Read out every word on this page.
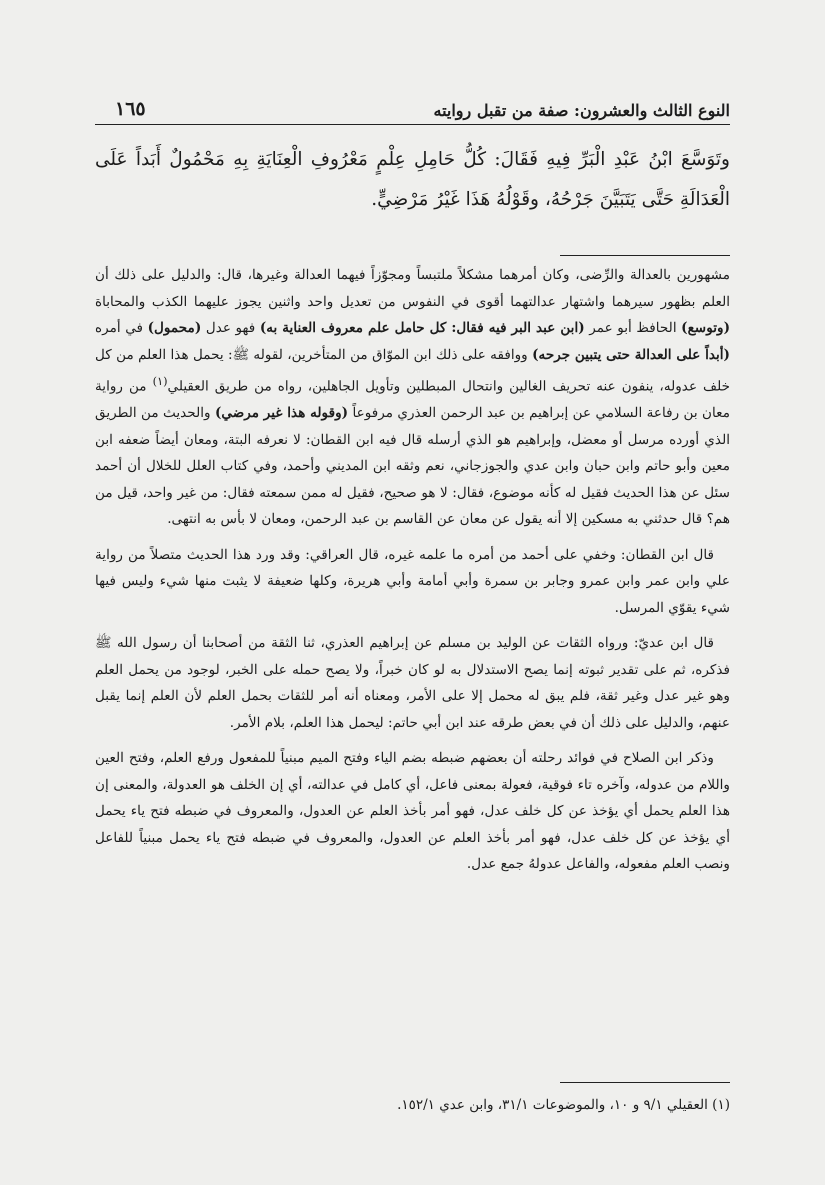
١٦٥	النوع الثالث والعشرون: صفة من تقبل روايته
وتَوَسَّعَ ابْنُ عَبْدِ الْبَرِّ فِيهِ فَقَالَ: كُلُّ حَامِلِ عِلْمٍ مَعْرُوفِ الْعِنَايَةِ بِهِ مَحْمُولٌ أَبَداً عَلَى الْعَدَالَةِ حَتَّى يَتَبَيَّنَ جَرْحُهُ، وقَوْلُهُ هَذَا غَيْرُ مَرْضِيٍّ.

مشهورين بالعدالة والرِّضى، وكان أمرهما مشكلاً ملتبساً ومجوّزاً فيهما العدالة وغيرها، قال: والدليل على ذلك أن العلم بظهور سيرهما واشتهار عدالتهما أقوى في النفوس من تعديل واحد واثنين يجوز عليهما الكذب والمحاباة (وتوسع) الحافظ أبو عمر (ابن عبد البر فيه فقال: كل حامل علم معروف العناية به) فهو عدل (محمول) في أمره (أبداً على العدالة حتى يتبين جرحه) ووافقه على ذلك ابن الموّاق من المتأخرين، لقوله ﷺ: يحمل هذا العلم من كل خلف عدوله، ينفون عنه تحريف الغالين وانتحال المبطلين وتأويل الجاهلين، رواه من طريق العقيلي$^{(١)}$ من رواية معان بن رفاعة السلامي عن إبراهيم بن عبد الرحمن العذري مرفوعاً (وقوله هذا غير مرضي) والحديث من الطريق الذي أورده مرسل أو معضل، وإبراهيم هو الذي أرسله قال فيه ابن القطان: لا نعرفه البتة، ومعان أيضاً ضعفه ابن معين وأبو حاتم وابن حبان وابن عدي والجوزجاني، نعم وثقه ابن المديني وأحمد، وفي كتاب العلل للخلال أن أحمد سئل عن هذا الحديث فقيل له كأنه موضوع، فقال: لا هو صحيح، فقيل له ممن سمعته فقال: من غير واحد، قيل من هم؟ قال حدثني به مسكين إلا أنه يقول عن معان عن القاسم بن عبد الرحمن، ومعان لا بأس به انتهى.

قال ابن القطان: وخفي على أحمد من أمره ما علمه غيره، قال العراقي: وقد ورد هذا الحديث متصلاً من رواية علي وابن عمر وابن عمرو وجابر بن سمرة وأبي أمامة وأبي هريرة، وكلها ضعيفة لا يثبت منها شيء وليس فيها شيء يقوّي المرسل.

قال ابن عديّ: ورواه الثقات عن الوليد بن مسلم عن إبراهيم العذري، ثنا الثقة من أصحابنا أن رسول الله ﷺ فذكره، ثم على تقدير ثبوته إنما يصح الاستدلال به لو كان خبراً، ولا يصح حمله على الخبر، لوجود من يحمل العلم وهو غير عدل وغير ثقة، فلم يبق له محمل إلا على الأمر، ومعناه أنه أمر للثقات بحمل العلم لأن العلم إنما يقبل عنهم، والدليل على ذلك أن في بعض طرقه عند ابن أبي حاتم: ليحمل هذا العلم، بلام الأمر.

وذكر ابن الصلاح في فوائد رحلته أن بعضهم ضبطه بضم الياء وفتح الميم مبنياً للمفعول ورفع العلم، وفتح العين واللام من عدوله، وآخره تاء فوقية، فعولة بمعنى فاعل، أي كامل في عدالته، أي إن الخلف هو العدولة، والمعنى إن هذا العلم يحمل أي يؤخذ عن كل خلف عدل، فهو أمر بأخذ العلم عن العدول، والمعروف في ضبطه فتح ياء يحمل أي يؤخذ عن كل خلف عدل، فهو أمر بأخذ العلم عن العدول، والمعروف في ضبطه فتح ياء يحمل مبنياً للفاعل ونصب العلم مفعوله، والفاعل عدولهُ جمع عدل.

(١) العقيلي ٩/١ و ١٠، والموضوعات ٣١/١، وابن عدي ١٥٢/١.
